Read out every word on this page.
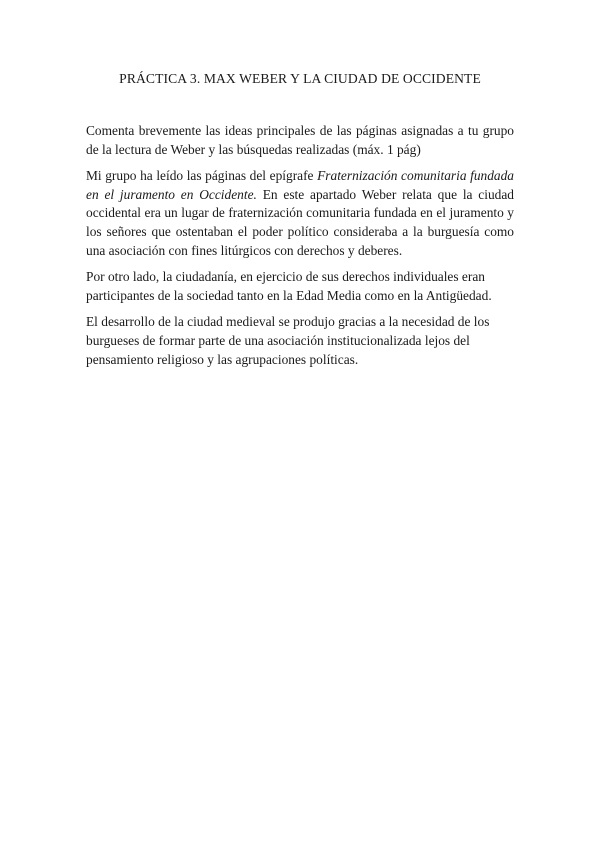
PRÁCTICA 3. MAX WEBER Y LA CIUDAD DE OCCIDENTE

Comenta brevemente las ideas principales de las páginas asignadas a tu grupo de la lectura de Weber y las búsquedas realizadas (máx. 1 pág)

Mi grupo ha leído las páginas del epígrafe Fraternización comunitaria fundada en el juramento en Occidente. En este apartado Weber relata que la ciudad occidental era un lugar de fraternización comunitaria fundada en el juramento y los señores que ostentaban el poder político consideraba a la burguesía como una asociación con fines litúrgicos con derechos y deberes.

Por otro lado, la ciudadanía, en ejercicio de sus derechos individuales eran participantes de la sociedad tanto en la Edad Media como en la Antigüedad.

El desarrollo de la ciudad medieval se produjo gracias a la necesidad de los burgueses de formar parte de una asociación institucionalizada lejos del pensamiento religioso y las agrupaciones políticas.
